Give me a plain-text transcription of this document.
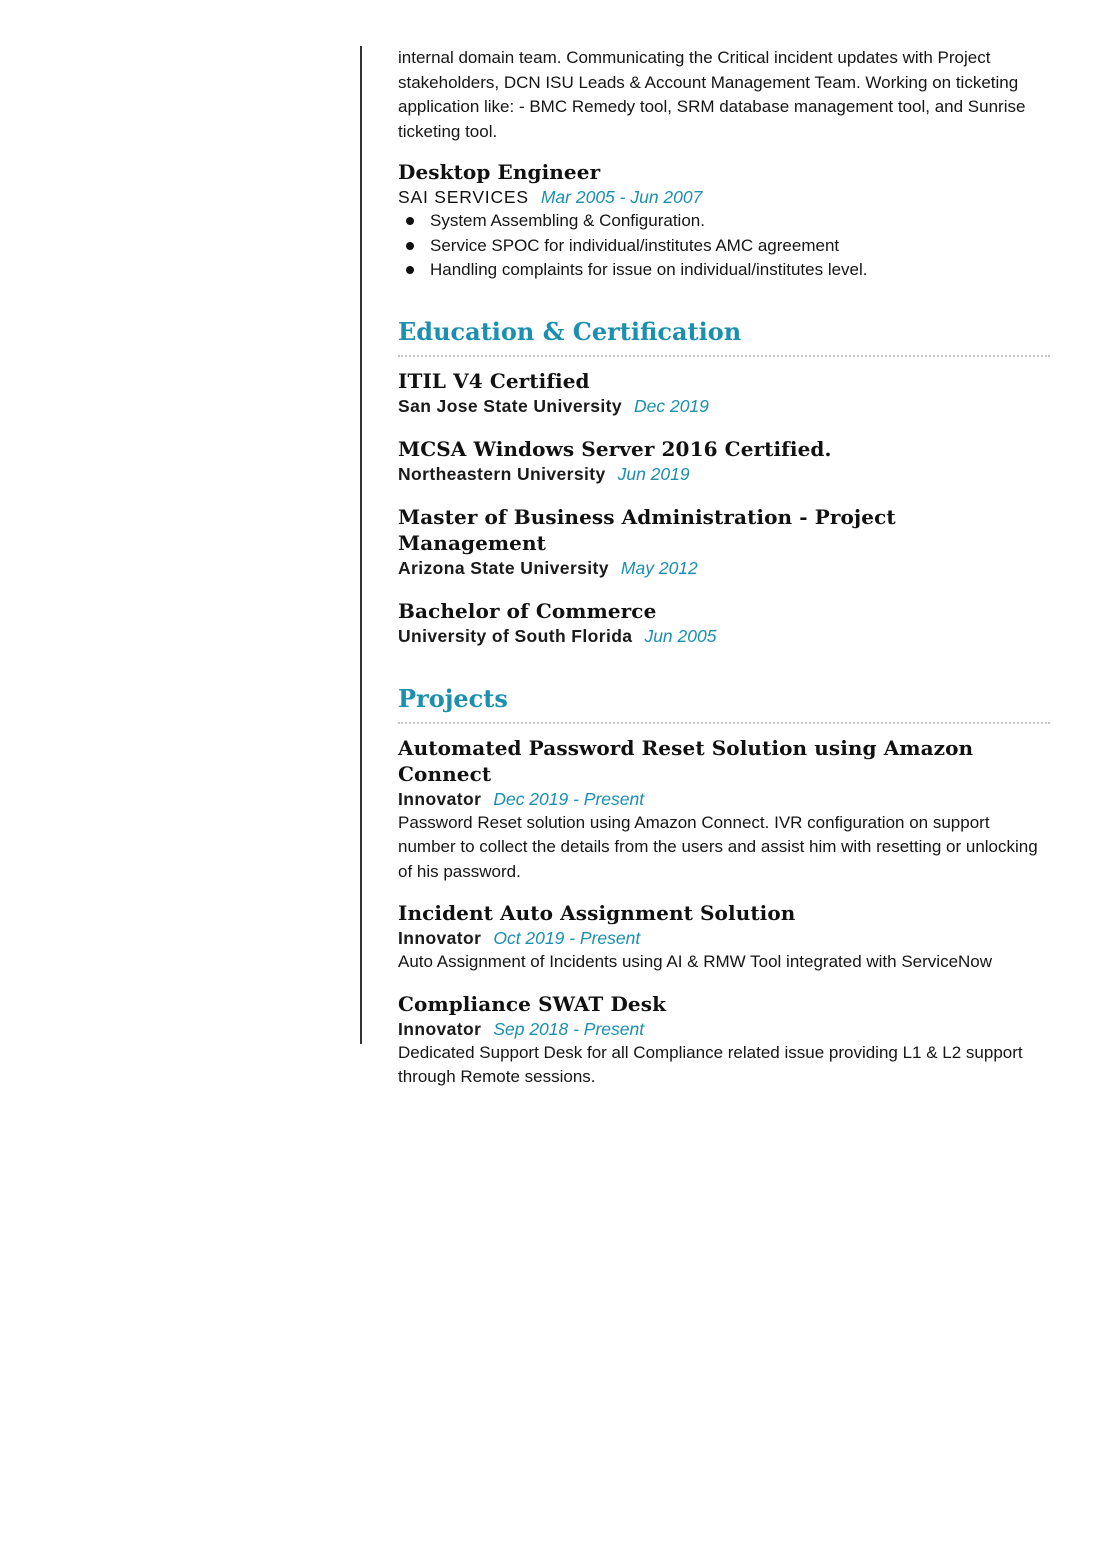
internal domain team. Communicating the Critical incident updates with Project stakeholders, DCN ISU Leads & Account Management Team. Working on ticketing application like: - BMC Remedy tool, SRM database management tool, and Sunrise ticketing tool.

Desktop Engineer

SAI SERVICES Mar 2005 - Jun 2007

System Assembling & Configuration.
Service SPOC for individual/institutes AMC agreement
Handling complaints for issue on individual/institutes level.
Education & Certification
ITIL V4 Certified

San Jose State University Dec 2019

MCSA Windows Server 2016 Certified.

Northeastern University Jun 2019

Master of Business Administration - Project Management

Arizona State University May 2012

Bachelor of Commerce

University of South Florida Jun 2005

Projects
Automated Password Reset Solution using Amazon Connect

Innovator Dec 2019 - Present

Password Reset solution using Amazon Connect. IVR configuration on support number to collect the details from the users and assist him with resetting or unlocking of his password.

Incident Auto Assignment Solution

Innovator Oct 2019 - Present

Auto Assignment of Incidents using AI & RMW Tool integrated with ServiceNow

Compliance SWAT Desk

Innovator Sep 2018 - Present

Dedicated Support Desk for all Compliance related issue providing L1 & L2 support through Remote sessions.
